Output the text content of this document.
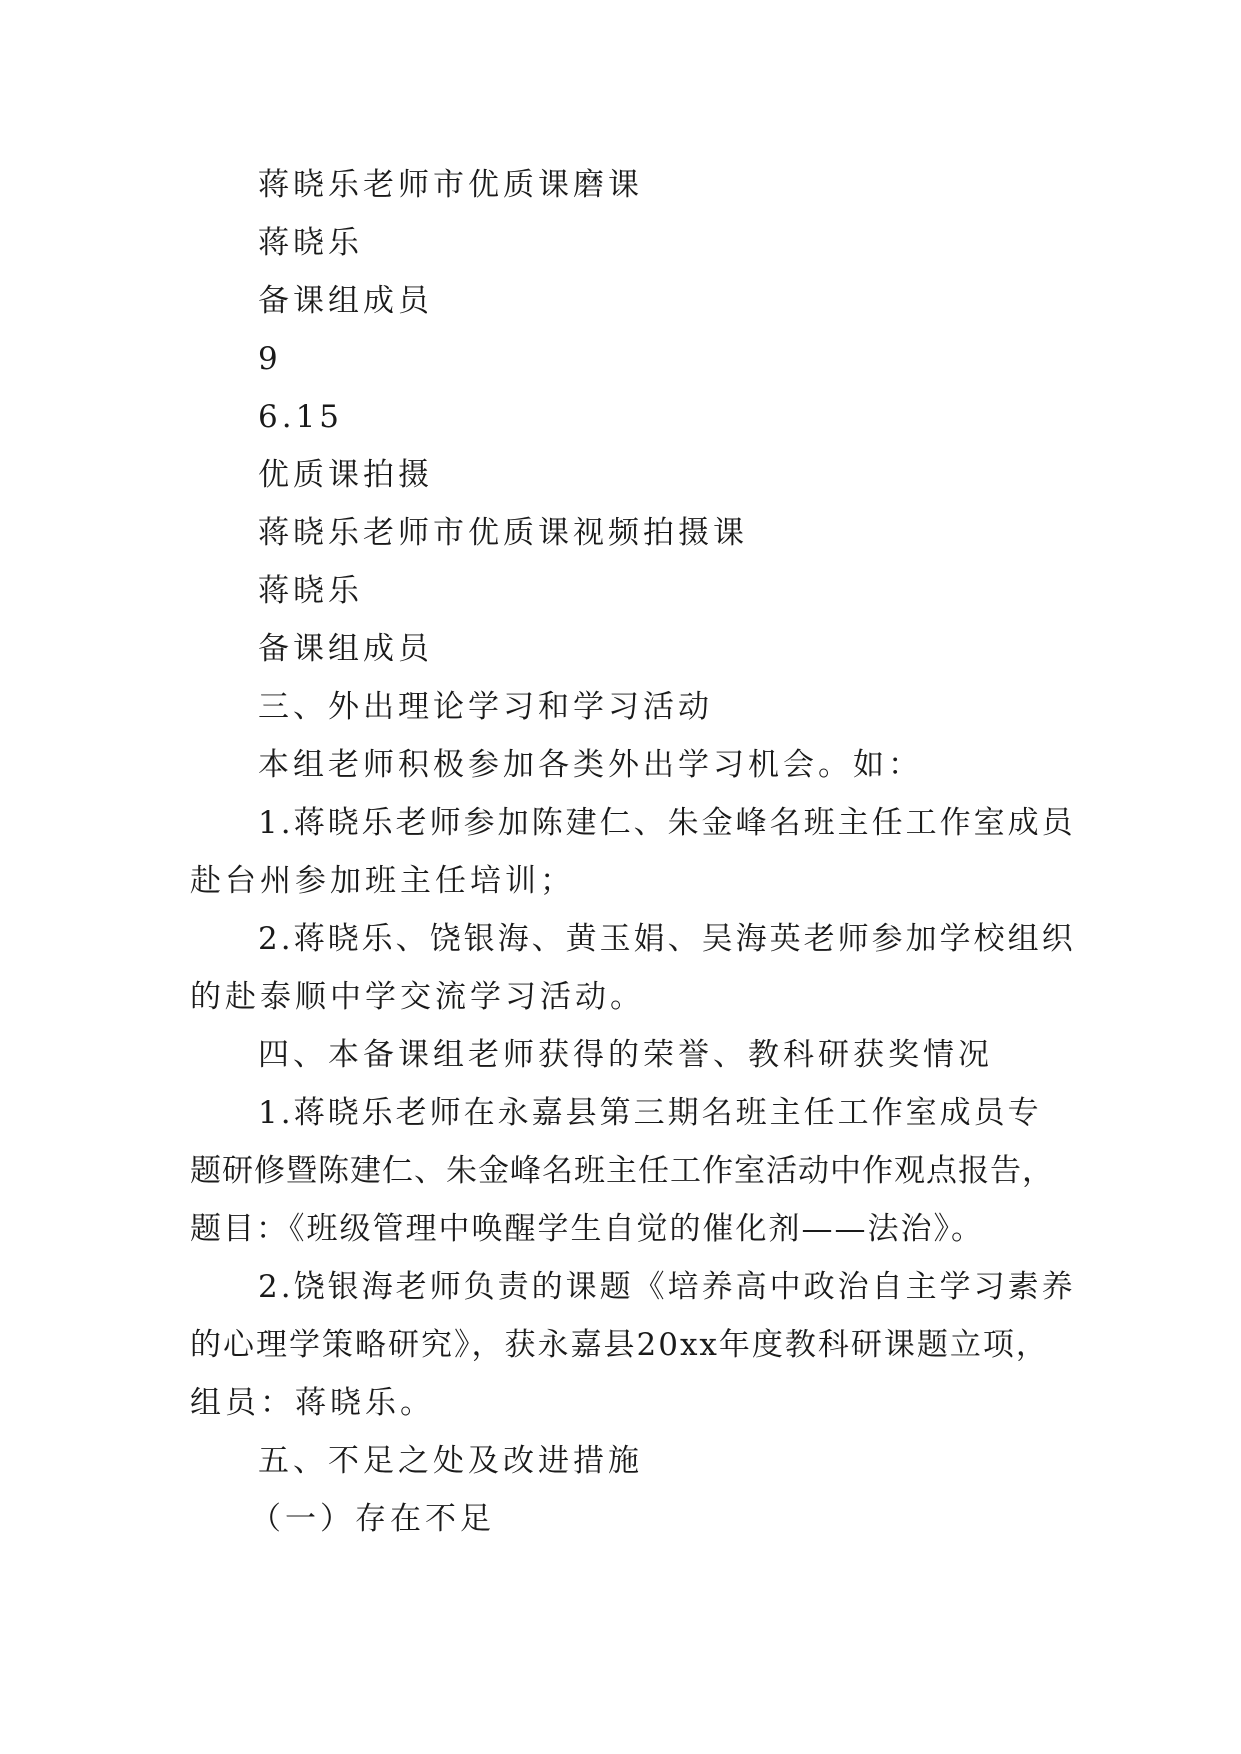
蒋晓乐老师市优质课磨课
蒋晓乐
备课组成员
9
6.15
优质课拍摄
蒋晓乐老师市优质课视频拍摄课
蒋晓乐
备课组成员
三、外出理论学习和学习活动
本组老师积极参加各类外出学习机会。如：
1.蒋晓乐老师参加陈建仁、朱金峰名班主任工作室成员
赴台州参加班主任培训；
2.蒋晓乐、饶银海、黄玉娟、吴海英老师参加学校组织
的赴泰顺中学交流学习活动。
四、本备课组老师获得的荣誉、教科研获奖情况
1.蒋晓乐老师在永嘉县第三期名班主任工作室成员专
题研修暨陈建仁、朱金峰名班主任工作室活动中作观点报告，
题目：《班级管理中唤醒学生自觉的催化剂——法治》。
2.饶银海老师负责的课题《培养高中政治自主学习素养
的心理学策略研究》，获永嘉县20xx年度教科研课题立项，
组员：蒋晓乐。
五、不足之处及改进措施
（一）存在不足
